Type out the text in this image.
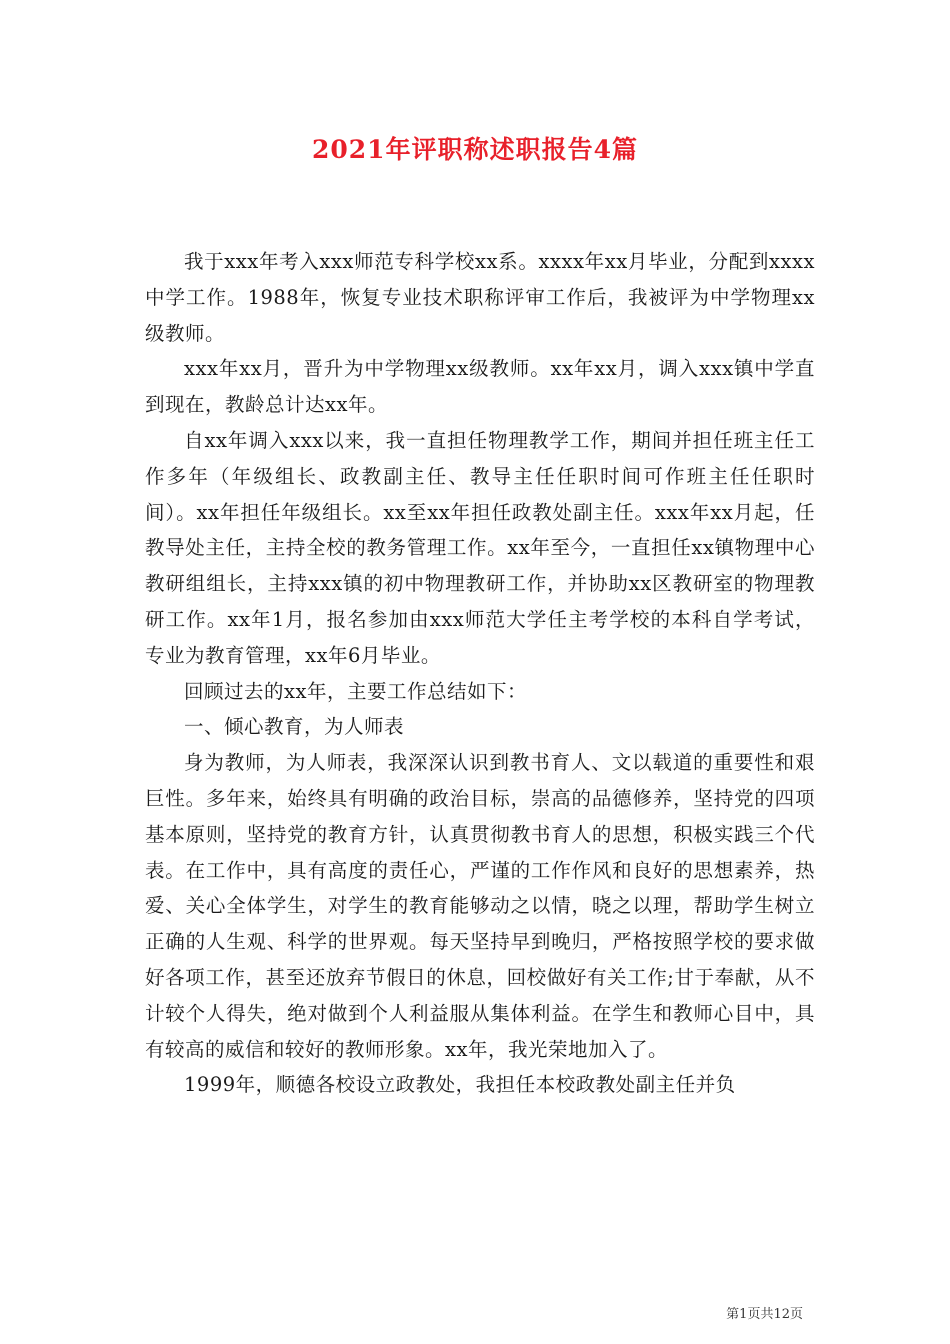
2021年评职称述职报告4篇

我于xxx年考入xxx师范专科学校xx系。xxxx年xx月毕业，分配到xxxx中学工作。1988年，恢复专业技术职称评审工作后，我被评为中学物理xx级教师。

xxx年xx月，晋升为中学物理xx级教师。xx年xx月，调入xxx镇中学直到现在，教龄总计达xx年。

自xx年调入xxx以来，我一直担任物理教学工作，期间并担任班主任工作多年（年级组长、政教副主任、教导主任任职时间可作班主任任职时间）。xx年担任年级组长。xx至xx年担任政教处副主任。xxx年xx月起，任教导处主任，主持全校的教务管理工作。xx年至今，一直担任xx镇物理中心教研组组长，主持xxx镇的初中物理教研工作，并协助xx区教研室的物理教研工作。xx年1月，报名参加由xxx师范大学任主考学校的本科自学考试，专业为教育管理，xx年6月毕业。

回顾过去的xx年，主要工作总结如下：

一、倾心教育，为人师表

身为教师，为人师表，我深深认识到教书育人、文以载道的重要性和艰巨性。多年来，始终具有明确的政治目标，崇高的品德修养，坚持党的四项基本原则，坚持党的教育方针，认真贯彻教书育人的思想，积极实践三个代表。在工作中，具有高度的责任心，严谨的工作作风和良好的思想素养，热爱、关心全体学生，对学生的教育能够动之以情，晓之以理，帮助学生树立正确的人生观、科学的世界观。每天坚持早到晚归，严格按照学校的要求做好各项工作，甚至还放弃节假日的休息，回校做好有关工作;甘于奉献，从不计较个人得失，绝对做到个人利益服从集体利益。在学生和教师心目中，具有较高的威信和较好的教师形象。xx年，我光荣地加入了。

1999年，顺德各校设立政教处，我担任本校政教处副主任并负

第1页共12页
